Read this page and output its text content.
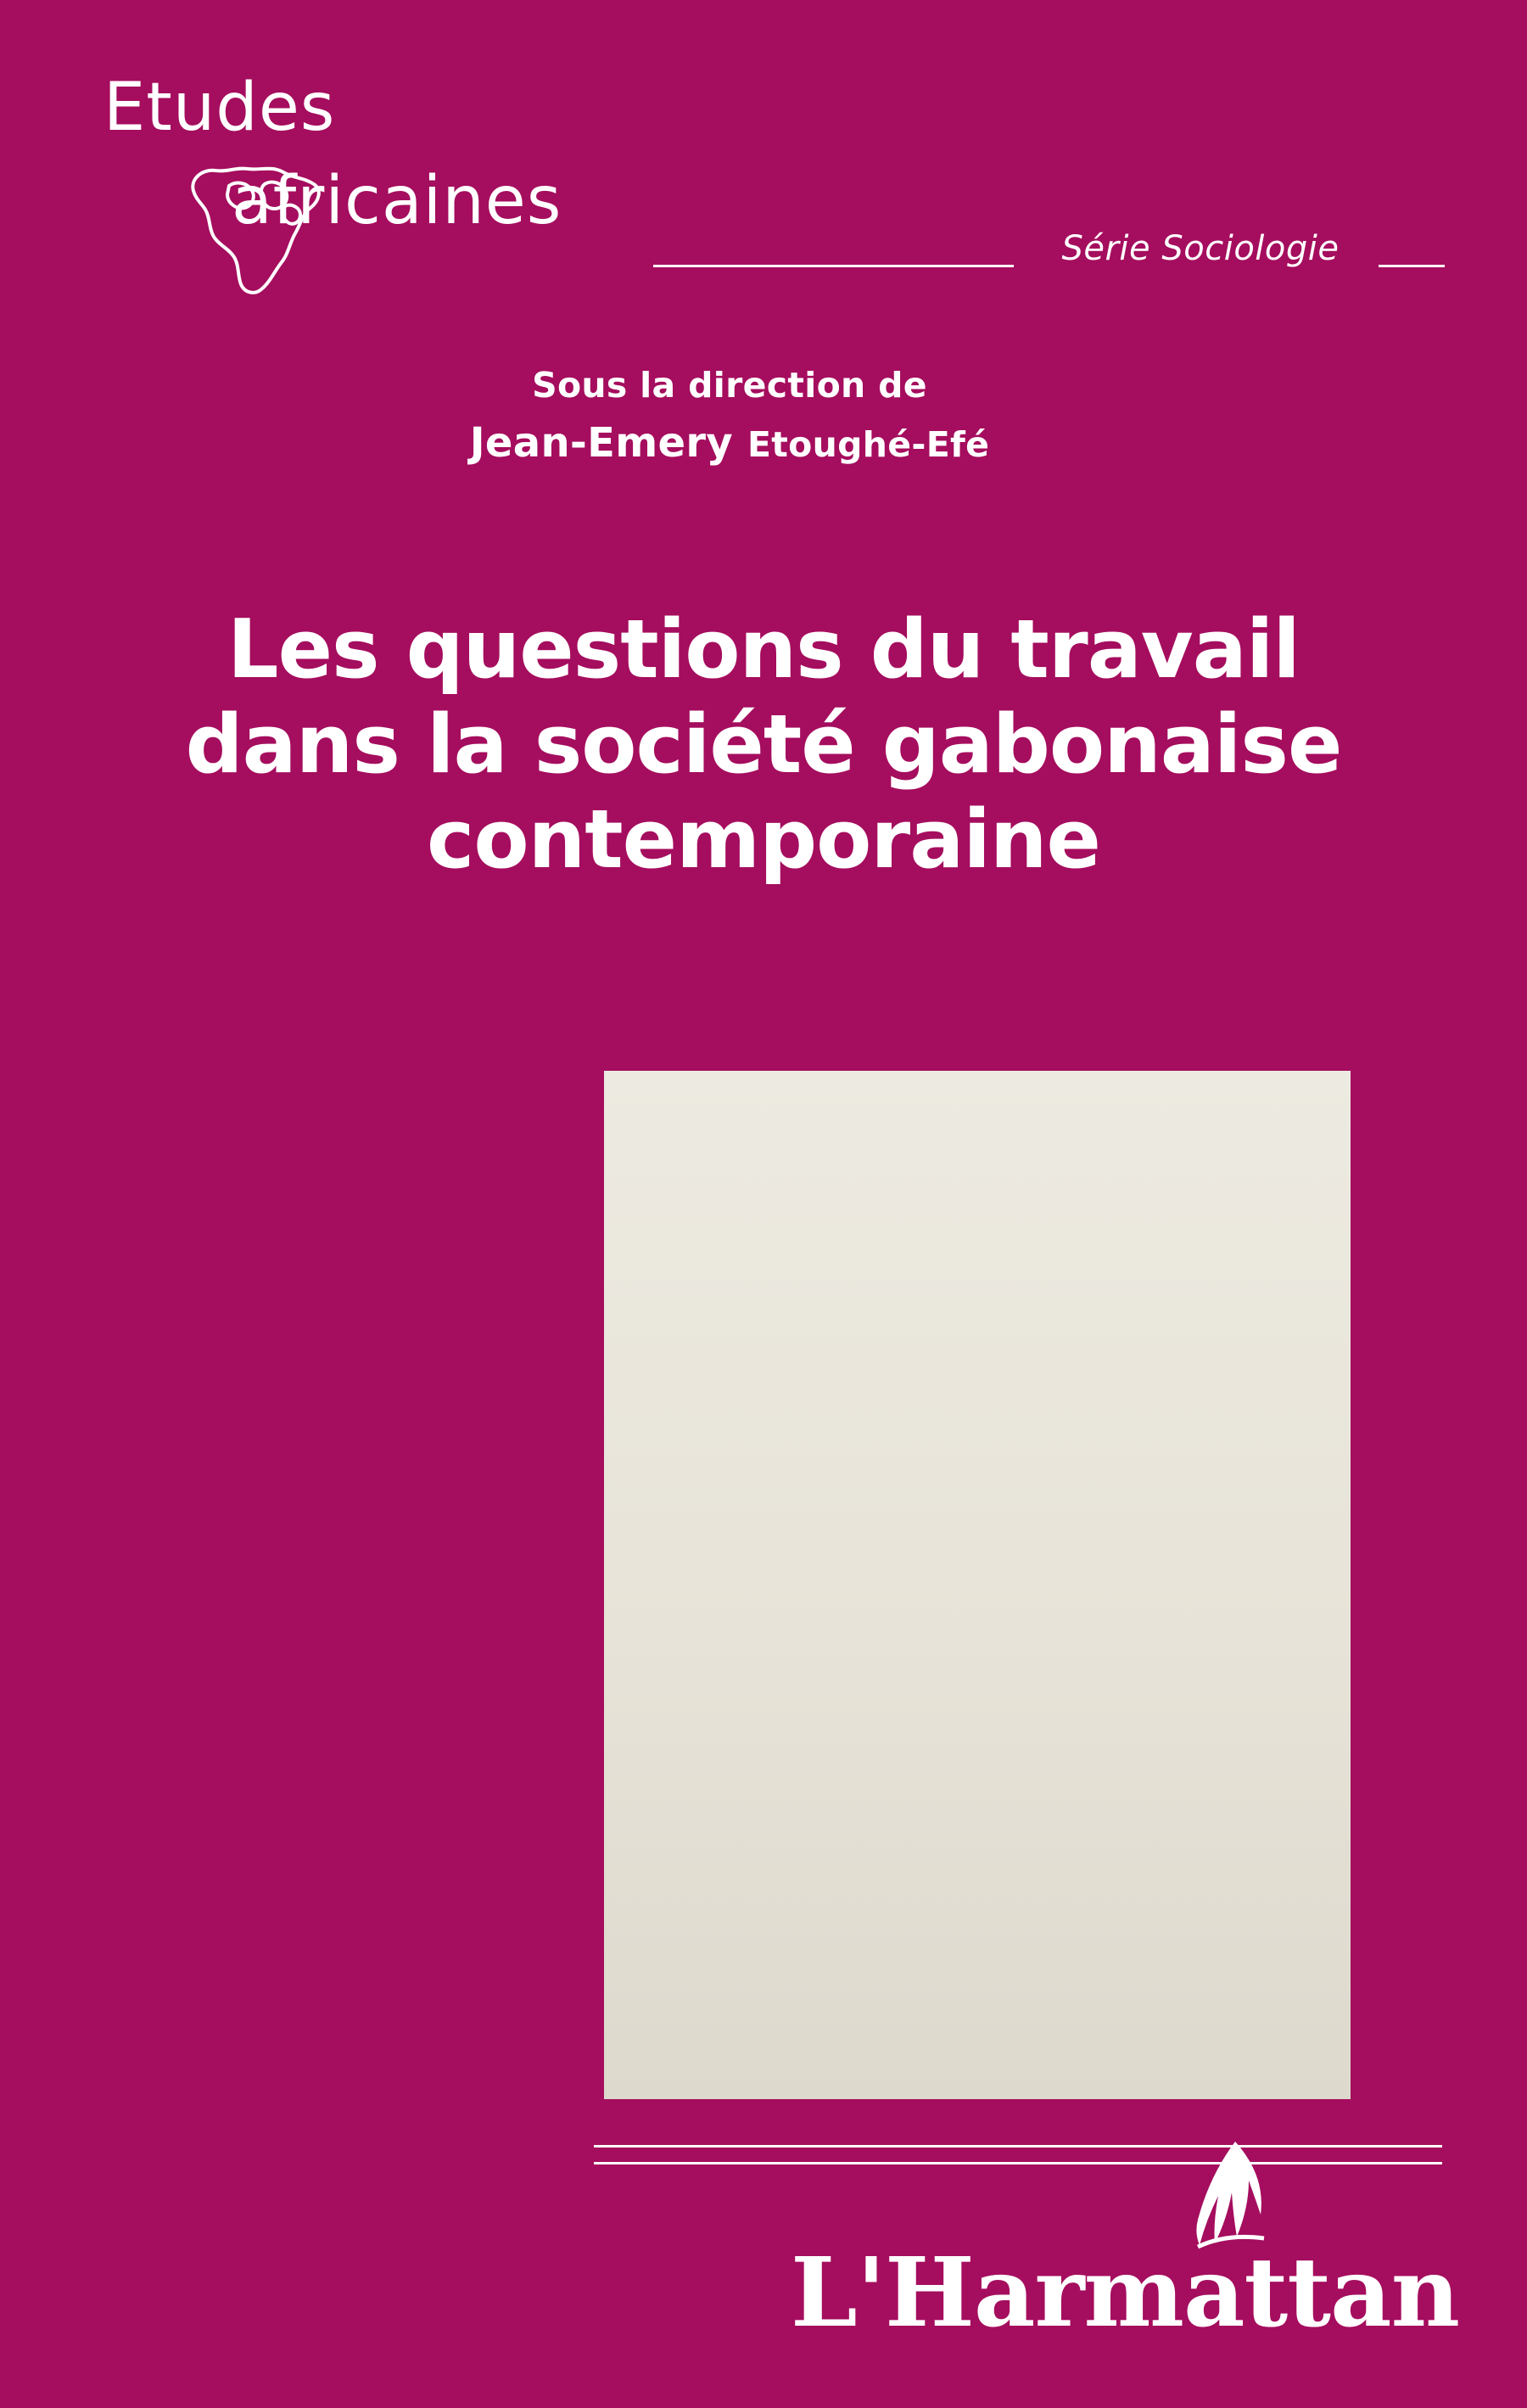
Etudes
africaines
Série Sociologie
Sous la direction de
Jean-Emery Etoughé-Efé
Les questions du travail
dans la société gabonaise
contemporaine
L'Harmattan
